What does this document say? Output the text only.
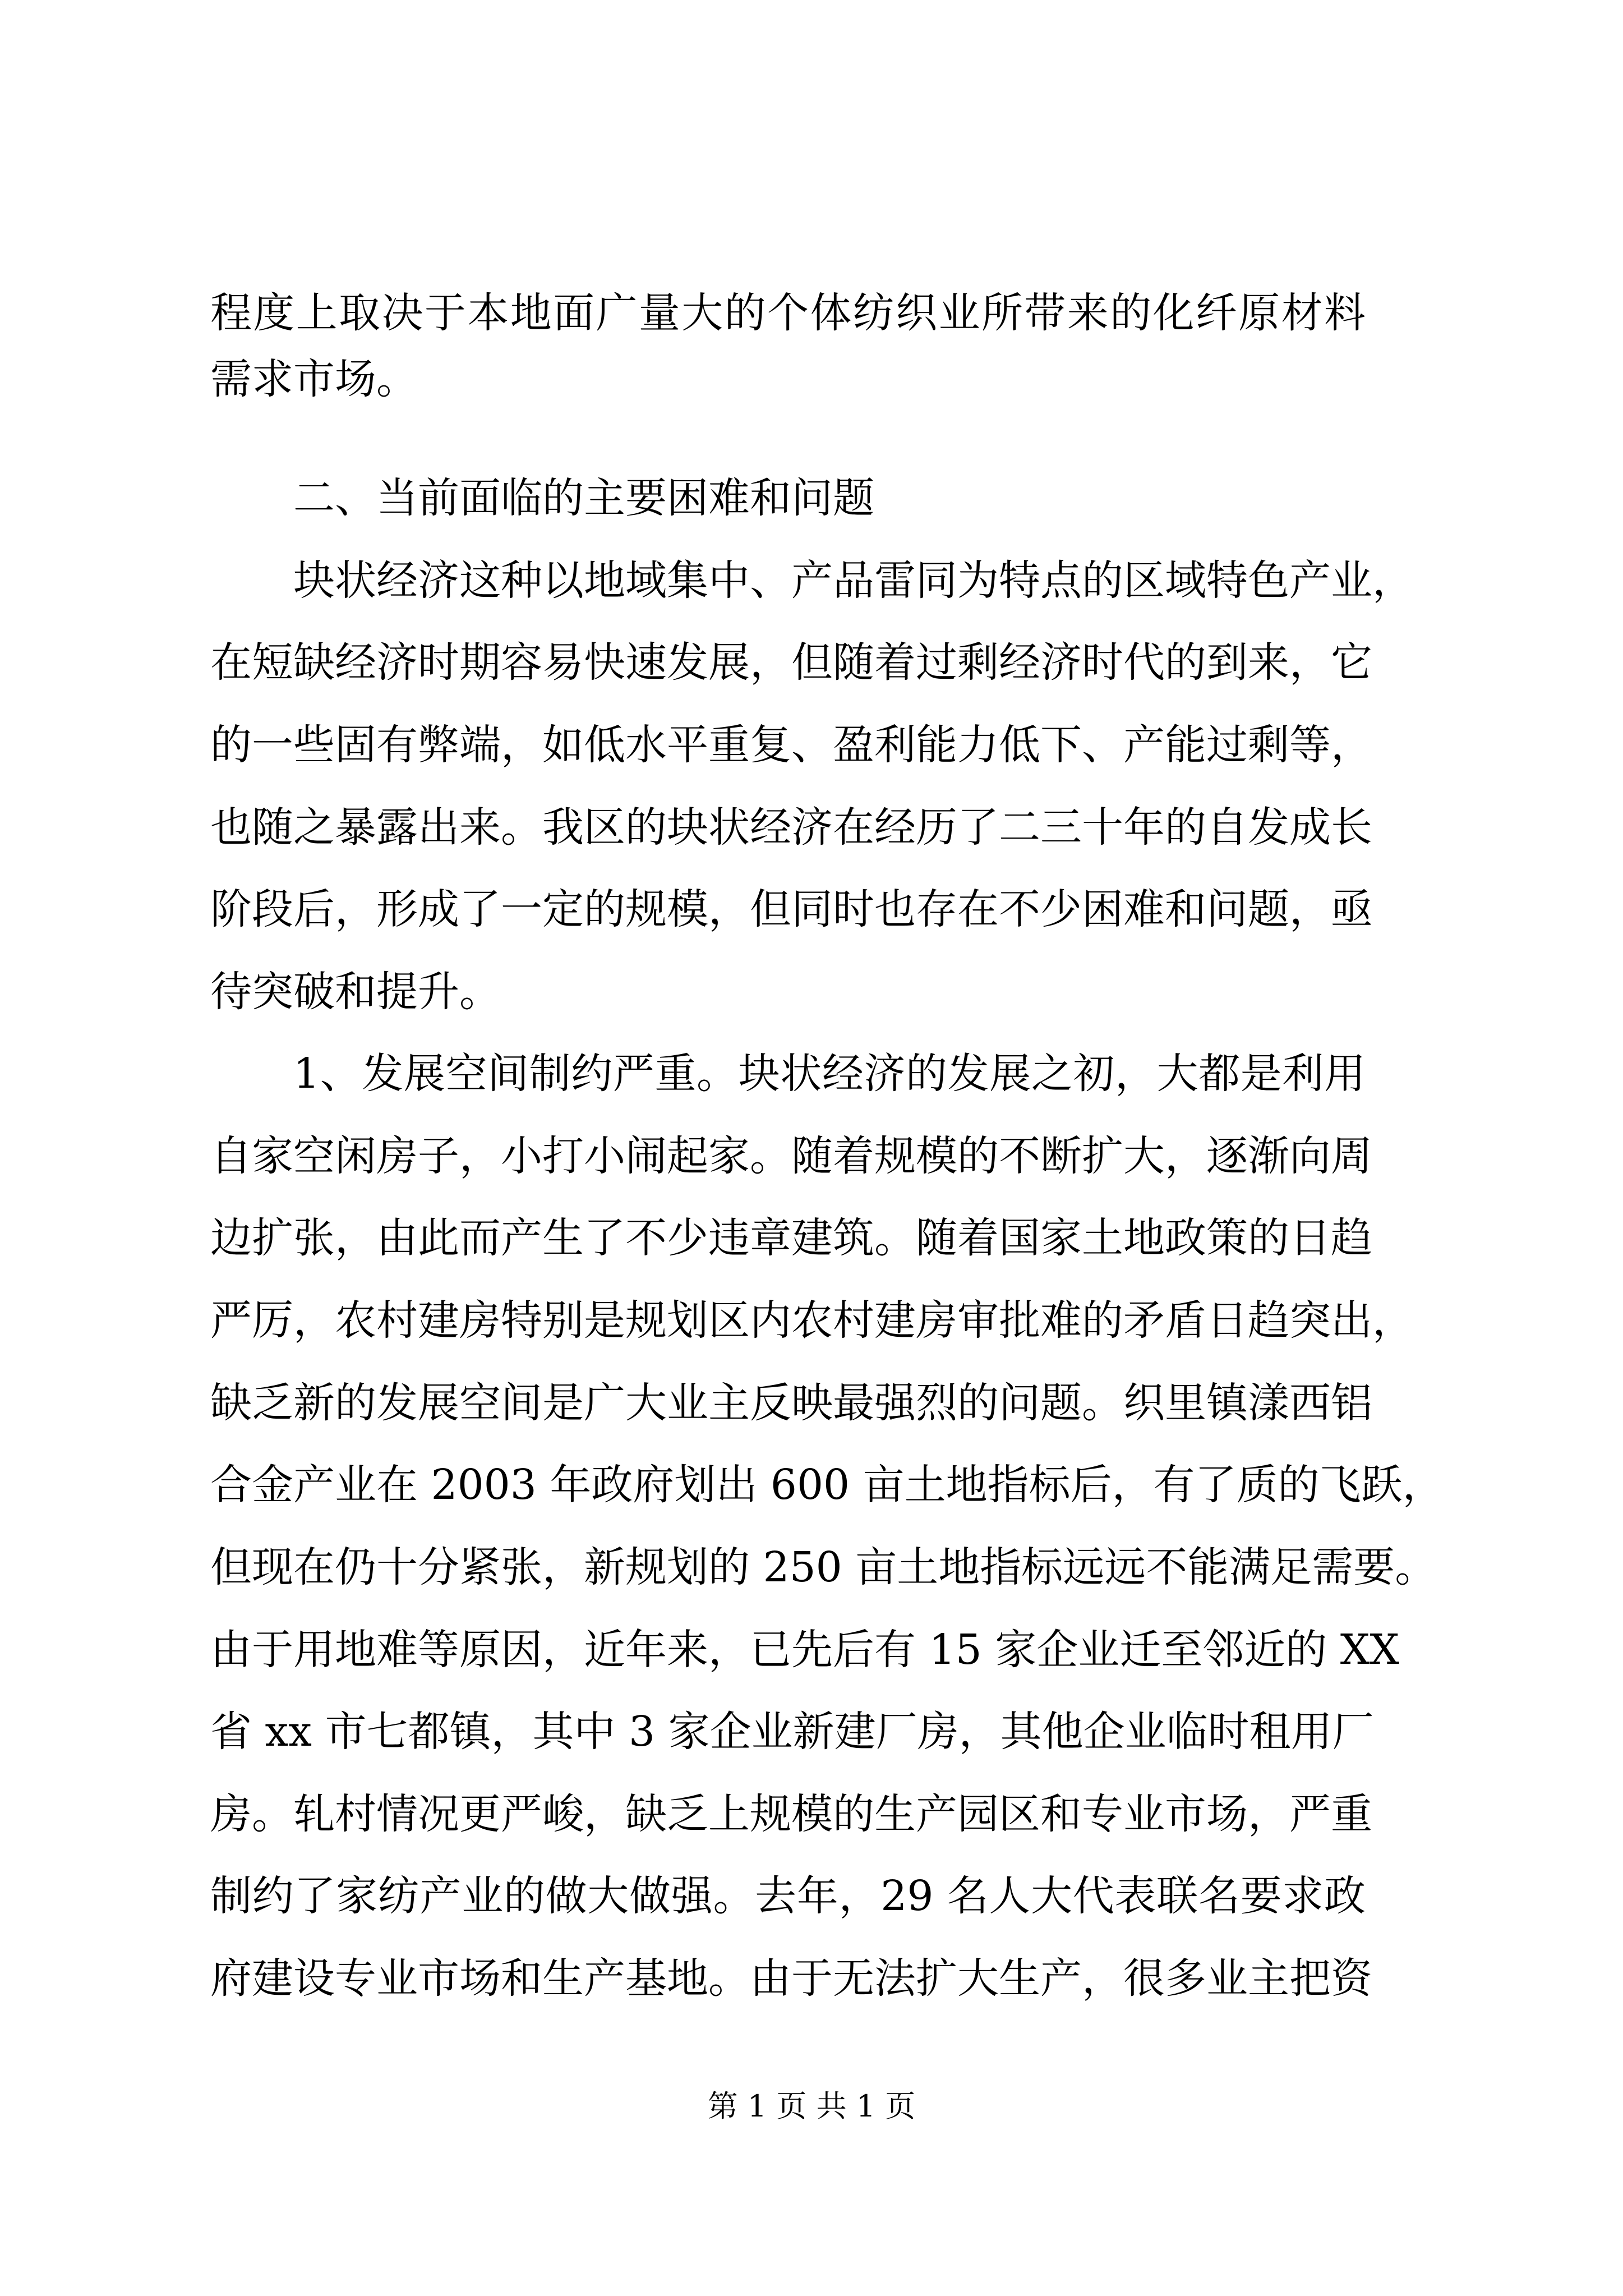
程度上取决于本地面广量大的个体纺织业所带来的化纤原材料
需求市场。
二、当前面临的主要困难和问题
块状经济这种以地域集中、产品雷同为特点的区域特色产业，
在短缺经济时期容易快速发展，但随着过剩经济时代的到来，它
的一些固有弊端，如低水平重复、盈利能力低下、产能过剩等，
也随之暴露出来。我区的块状经济在经历了二三十年的自发成长
阶段后，形成了一定的规模，但同时也存在不少困难和问题，亟
待突破和提升。
1、发展空间制约严重。块状经济的发展之初，大都是利用
自家空闲房子，小打小闹起家。随着规模的不断扩大，逐渐向周
边扩张，由此而产生了不少违章建筑。随着国家土地政策的日趋
严厉，农村建房特别是规划区内农村建房审批难的矛盾日趋突出，
缺乏新的发展空间是广大业主反映最强烈的问题。织里镇漾西铝
合金产业在 2003 年政府划出 600 亩土地指标后，有了质的飞跃，
但现在仍十分紧张，新规划的 250 亩土地指标远远不能满足需要。
由于用地难等原因，近年来，已先后有 15 家企业迁至邻近的 XX
省 xx 市七都镇，其中 3 家企业新建厂房，其他企业临时租用厂
房。轧村情况更严峻，缺乏上规模的生产园区和专业市场，严重
制约了家纺产业的做大做强。去年，29 名人大代表联名要求政
府建设专业市场和生产基地。由于无法扩大生产，很多业主把资
第 1 页 共 1 页
